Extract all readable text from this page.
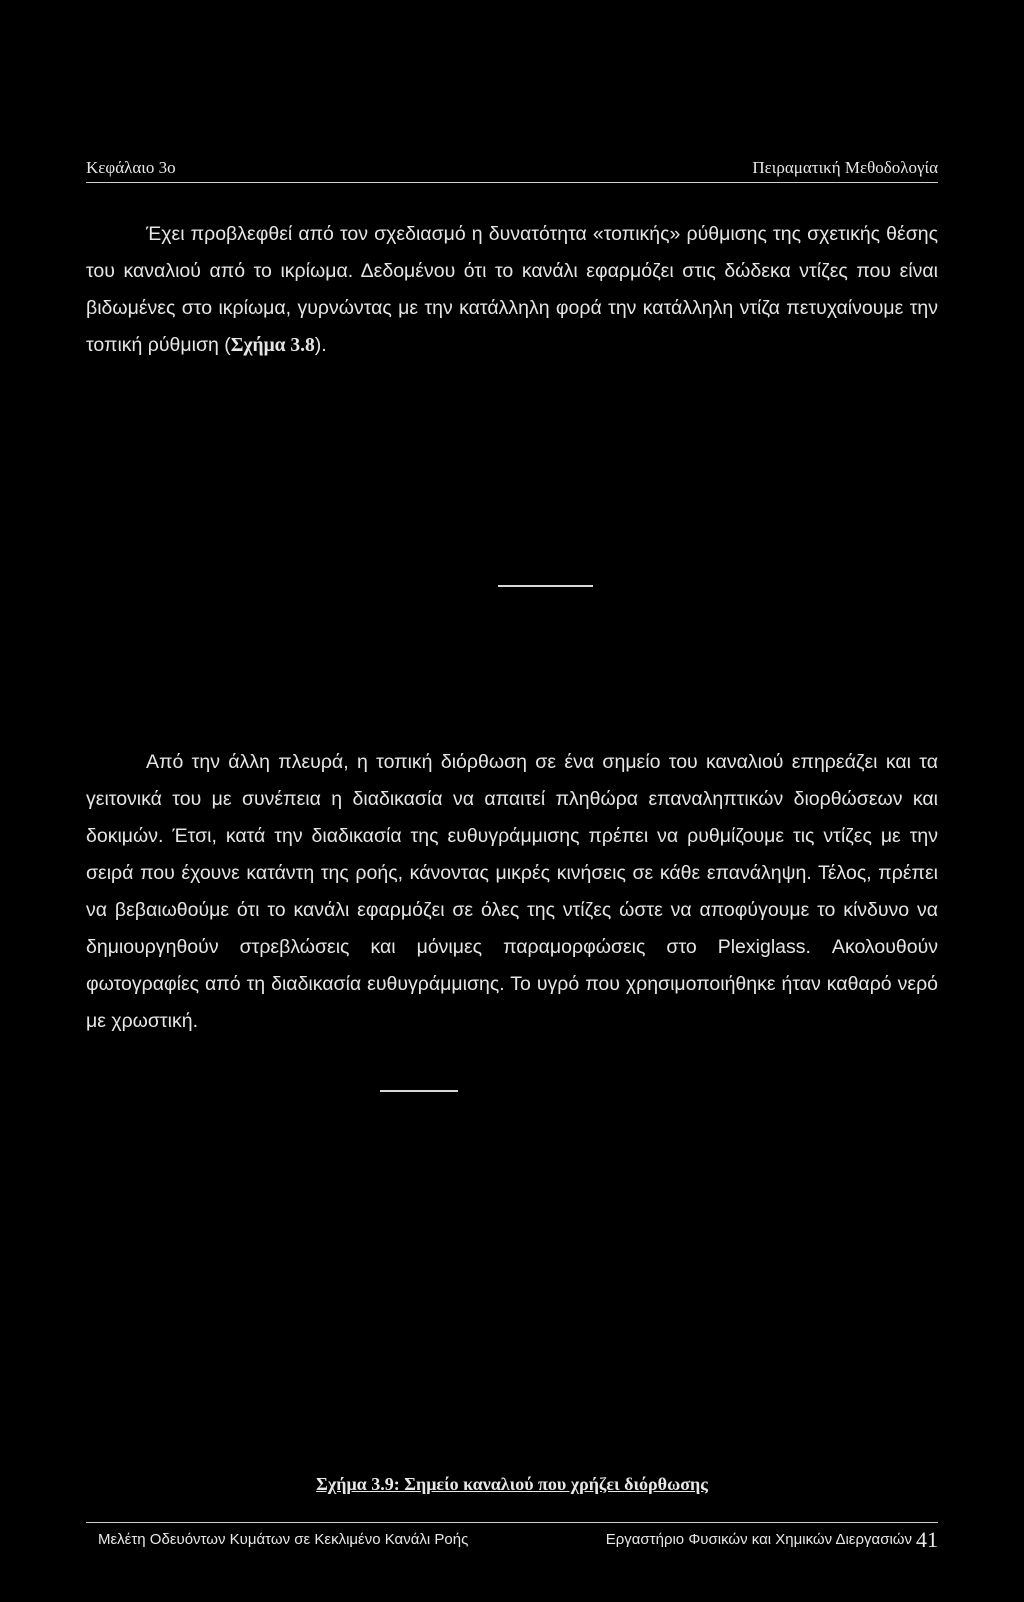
Κεφάλαιο 3ο	Πειραματική Μεθοδολογία

Έχει προβλεφθεί από τον σχεδιασμό η δυνατότητα «τοπικής» ρύθμισης της σχετικής θέσης του καναλιού από το ικρίωμα. Δεδομένου ότι το κανάλι εφαρμόζει στις δώδεκα ντίζες που είναι βιδωμένες στο ικρίωμα, γυρνώντας με την κατάλληλη φορά την κατάλληλη ντίζα πετυχαίνουμε την τοπική ρύθμιση (Σχήμα 3.8).

Από την άλλη πλευρά, η τοπική διόρθωση σε ένα σημείο του καναλιού επηρεάζει και τα γειτονικά του με συνέπεια η διαδικασία να απαιτεί πληθώρα επαναληπτικών διορθώσεων και δοκιμών. Έτσι, κατά την διαδικασία της ευθυγράμμισης πρέπει να ρυθμίζουμε τις ντίζες με την σειρά που έχουνε κατάντη της ροής, κάνοντας μικρές κινήσεις σε κάθε επανάληψη. Τέλος, πρέπει να βεβαιωθούμε ότι το κανάλι εφαρμόζει σε όλες της ντίζες ώστε να αποφύγουμε το κίνδυνο να δημιουργηθούν στρεβλώσεις και μόνιμες παραμορφώσεις στο Plexiglass. Ακολουθούν φωτογραφίες από τη διαδικασία ευθυγράμμισης. Το υγρό που χρησιμοποιήθηκε ήταν καθαρό νερό με χρωστική.

Σχήμα 3.9: Σημείο καναλιού που χρήζει διόρθωσης
Μελέτη Οδευόντων Κυμάτων σε Κεκλιμένο Κανάλι Ροής	Εργαστήριο Φυσικών και Χημικών Διεργασιών 41
